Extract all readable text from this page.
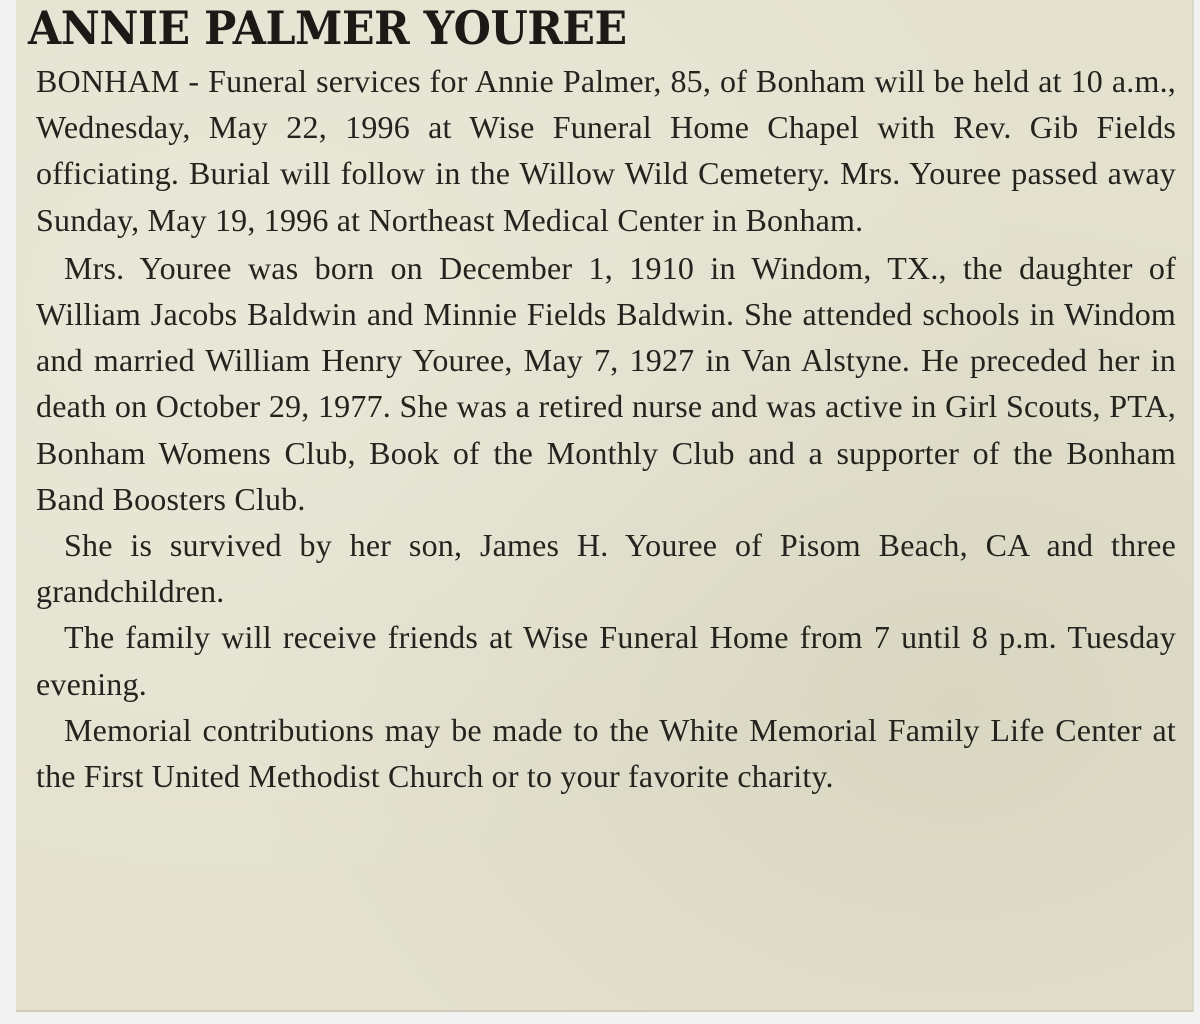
ANNIE PALMER YOUREE

BONHAM - Funeral services for Annie Palmer, 85, of Bonham will be held at 10 a.m., Wednesday, May 22, 1996 at Wise Funeral Home Chapel with Rev. Gib Fields officiating. Burial will follow in the Willow Wild Cemetery. Mrs. Youree passed away Sunday, May 19, 1996 at Northeast Medical Center in Bonham.

Mrs. Youree was born on December 1, 1910 in Windom, TX., the daughter of William Jacobs Baldwin and Minnie Fields Baldwin. She attended schools in Windom and married William Henry Youree, May 7, 1927 in Van Alstyne. He preceded her in death on October 29, 1977. She was a retired nurse and was active in Girl Scouts, PTA, Bonham Womens Club, Book of the Monthly Club and a supporter of the Bonham Band Boosters Club.

She is survived by her son, James H. Youree of Pisom Beach, CA and three grandchildren.

The family will receive friends at Wise Funeral Home from 7 until 8 p.m. Tuesday evening.

Memorial contributions may be made to the White Memorial Family Life Center at the First United Methodist Church or to your favorite charity.
